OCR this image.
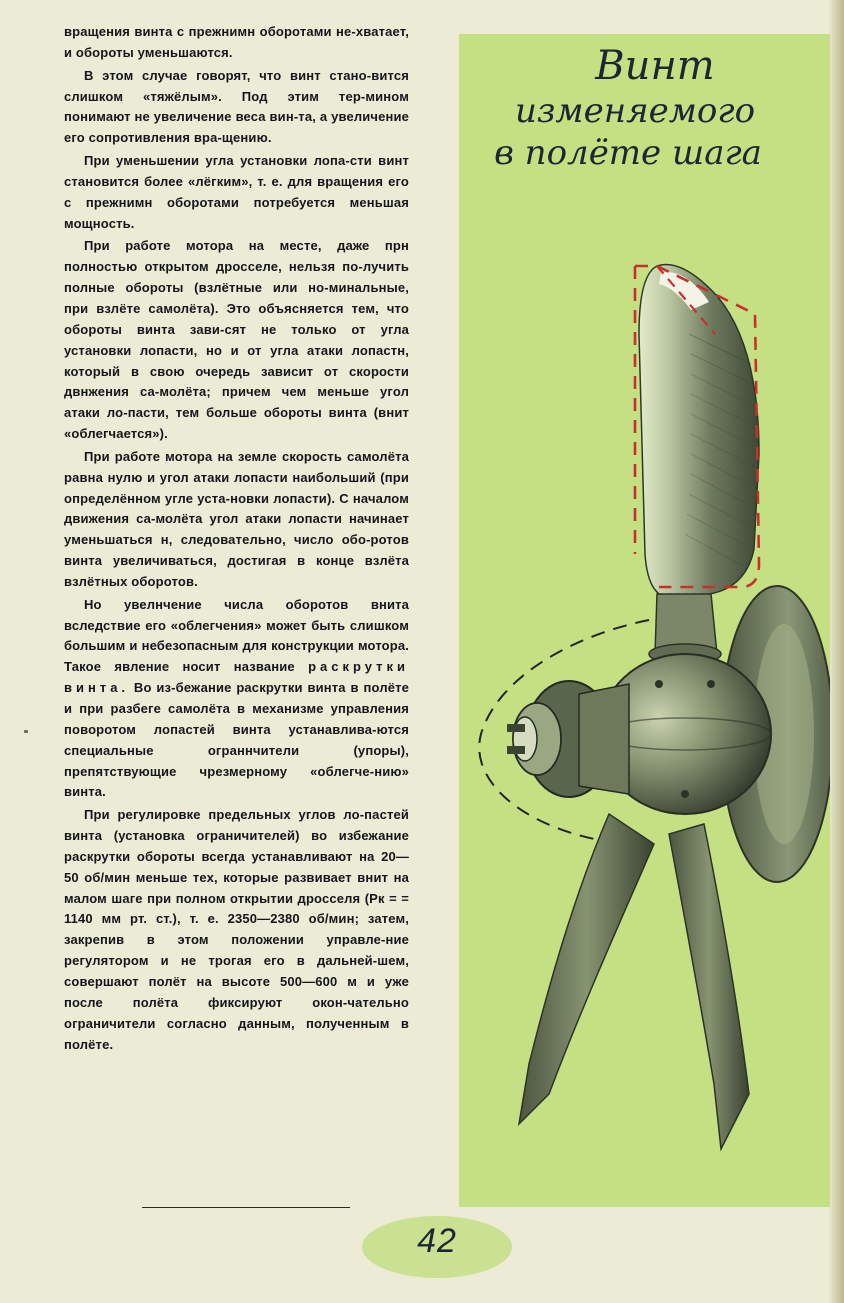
вращения винта с прежнимн оборотами не-хватает, и обороты уменьшаются.

В этом случае говорят, что винт стано-вится слишком «тяжёлым». Под этим тер-мином понимают не увеличение веса вин-та, а увеличение его сопротивления вра-щению.

При уменьшении угла установки лопа-сти винт становится более «лёгким», т. е. для вращения его с прежнимн оборотами потребуется меньшая мощность.

При работе мотора на месте, даже прн полностью открытом дросселе, нельзя по-лучить полные обороты (взлётные или но-минальные, при взлёте самолёта). Это объясняется тем, что обороты винта зави-сят не только от угла установки лопасти, но и от угла атаки лопастн, который в свою очередь зависит от скорости двнжения са-молёта; причем чем меньше угол атаки ло-пасти, тем больше обороты винта (внит «облегчается»).

При работе мотора на земле скорость самолёта равна нулю и угол атаки лопасти наибольший (при определённом угле уста-новки лопасти). С началом движения са-молёта угол атаки лопасти начинает уменьшаться н, следовательно, число обо-ротов винта увеличиваться, достигая в конце взлёта взлётных оборотов.

Но увелнчение числа оборотов внита вследствие его «облегчения» может быть слишком большим и небезопасным для конструкции мотора. Такое явление носит название раскрутки винта. Во из-бежание раскрутки винта в полёте и при разбеге самолёта в механизме управления поворотом лопастей винта устанавлива-ются специальные ограннчители (упоры), препятствующие чрезмерному «облегче-нию» винта.

При регулировке предельных углов ло-пастей винта (установка ограничителей) во избежание раскрутки обороты всегда устанавливают на 20—50 об/мин меньше тех, которые развивает внит на малом шаге при полном открытии дросселя (Рк = = 1140 мм рт. ст.), т. е. 2350—2380 об/мин; затем, закрепив в этом положении управле-ние регулятором и не трогая его в дальней-шем, совершают полёт на высоте 500—600 м и уже после полёта фиксируют окон-чательно ограничители согласно данным, полученным в полёте.

Винт
изменяемого
в полёте шага
42
